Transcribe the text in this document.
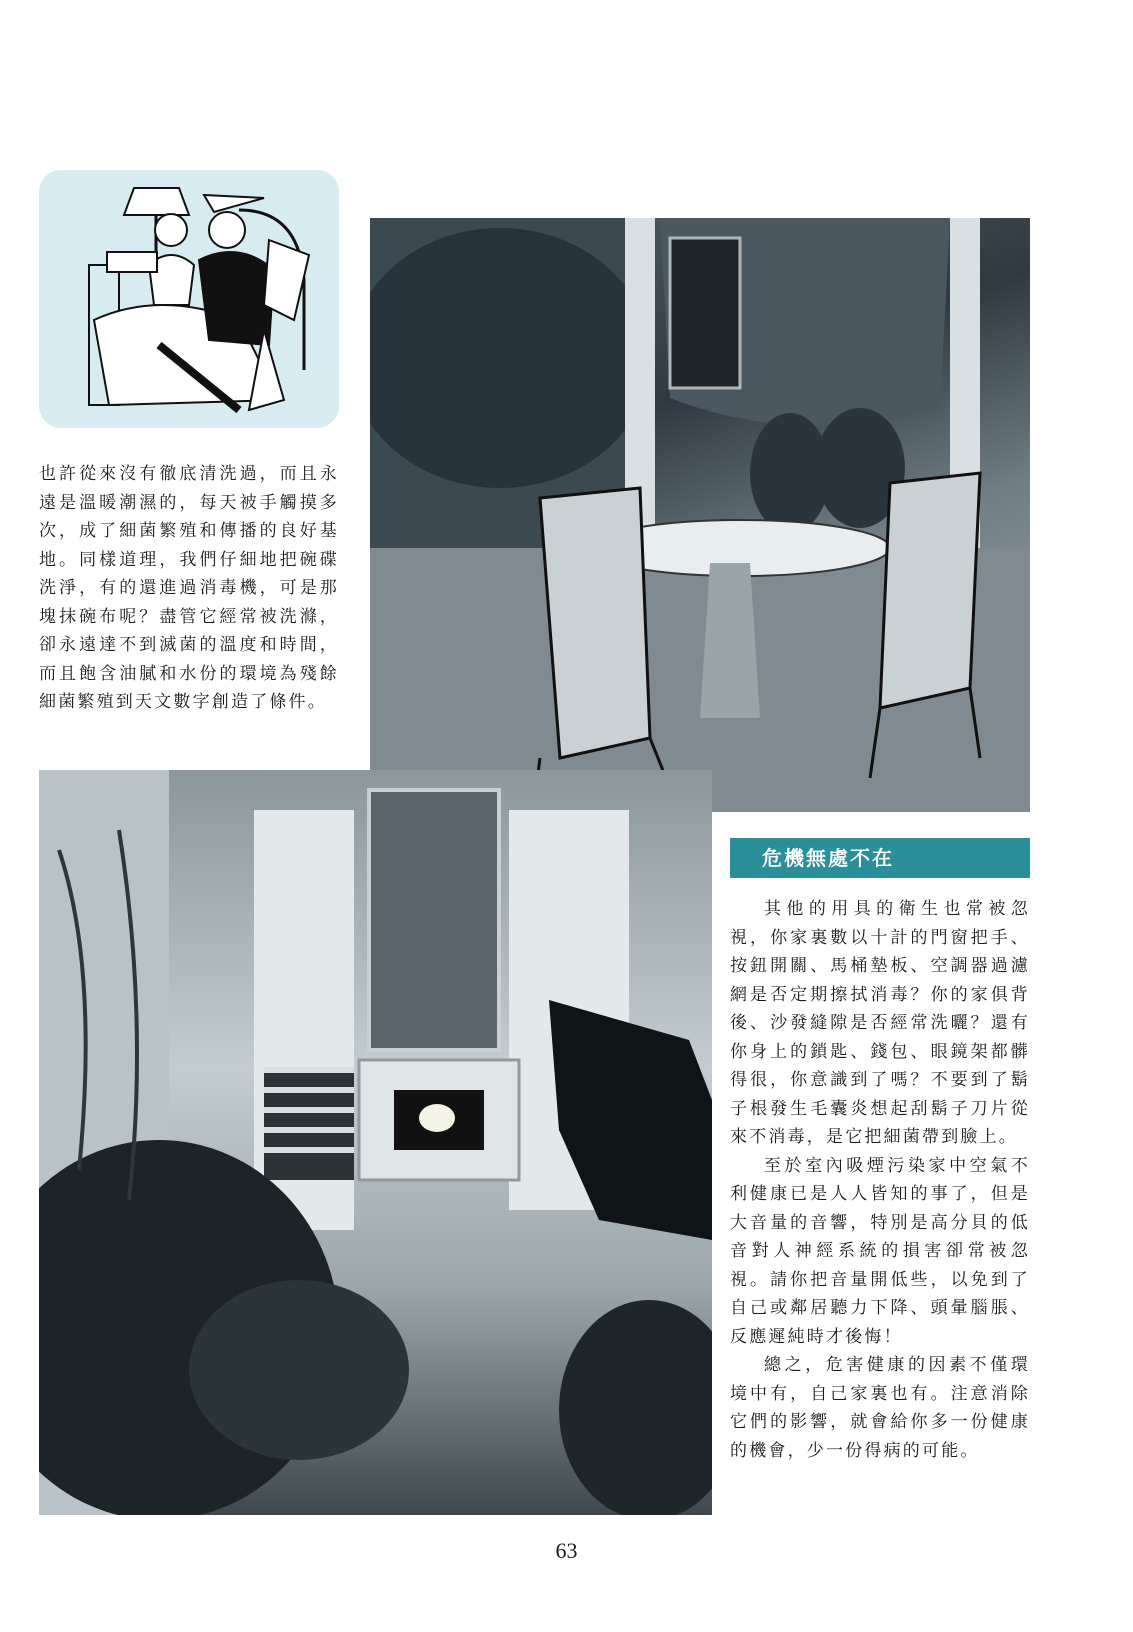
也許從來沒有徹底清洗過，而且永遠是溫暖潮濕的，每天被手觸摸多次，成了細菌繁殖和傳播的良好基地。同樣道理，我們仔細地把碗碟洗淨，有的還進過消毒機，可是那塊抹碗布呢？盡管它經常被洗滌，卻永遠達不到滅菌的溫度和時間，而且飽含油膩和水份的環境為殘餘細菌繁殖到天文數字創造了條件。

危機無處不在

其他的用具的衛生也常被忽視，你家裏數以十計的門窗把手、按鈕開關、馬桶墊板、空調器過濾網是否定期擦拭消毒？你的家俱背後、沙發縫隙是否經常洗曬？還有你身上的鎖匙、錢包、眼鏡架都髒得很，你意識到了嗎？不要到了鬍子根發生毛囊炎想起刮鬍子刀片從來不消毒，是它把細菌帶到臉上。

至於室內吸煙污染家中空氣不利健康已是人人皆知的事了，但是大音量的音響，特別是高分貝的低音對人神經系統的損害卻常被忽視。請你把音量開低些，以免到了自己或鄰居聽力下降、頭暈腦脹、反應遲純時才後悔！

總之，危害健康的因素不僅環境中有，自己家裏也有。注意消除它們的影響，就會給你多一份健康的機會，少一份得病的可能。

63
